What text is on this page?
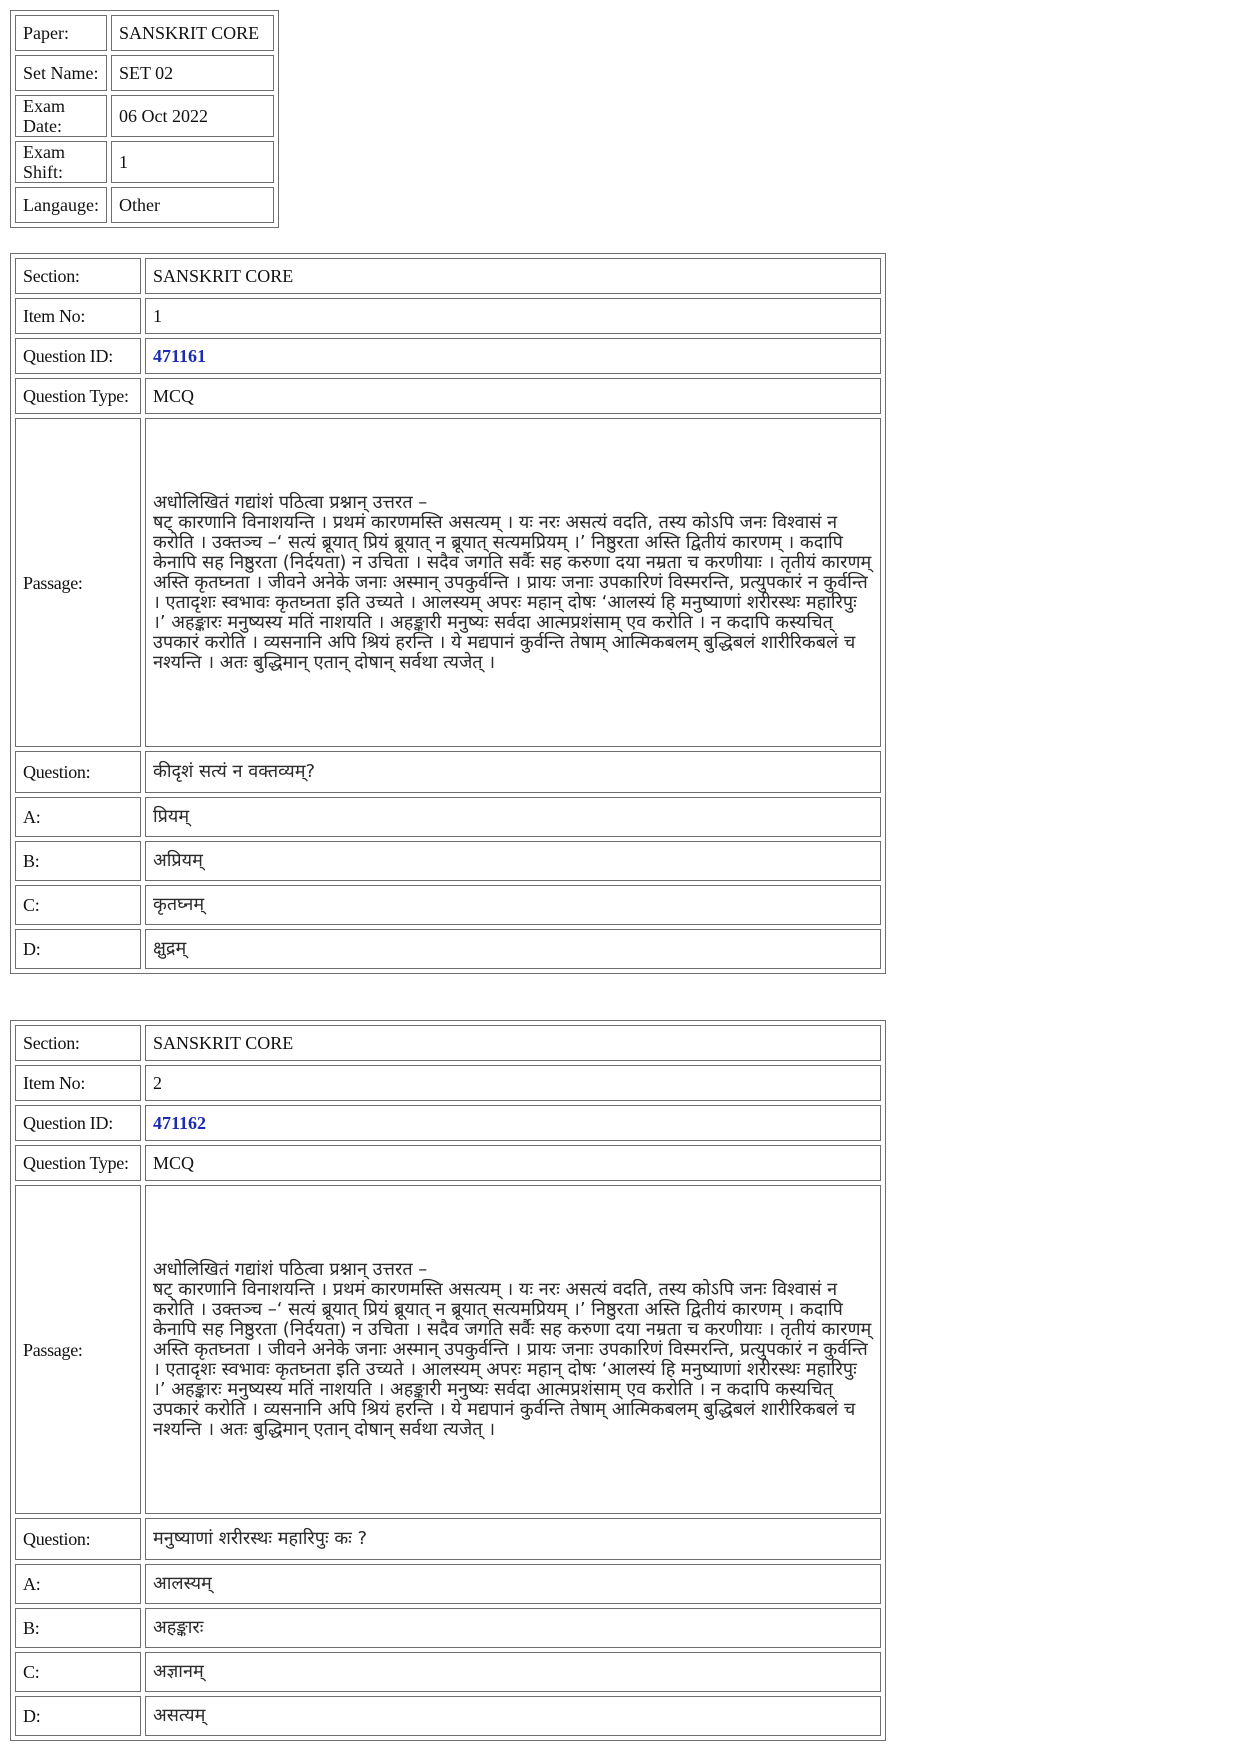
Paper:	SANSKRIT CORE
Set Name:	SET 02
Exam Date:	06 Oct 2022
Exam Shift:	1
Langauge:	Other
Section:	SANSKRIT CORE
Item No:	1
Question ID:	471161
Question Type:	MCQ
Passage:	अधोलिखितं गद्यांशं पठित्वा प्रश्नान् उत्तरत –
षट् कारणानि विनाशयन्ति । प्रथमं कारणमस्ति असत्यम् । यः नरः असत्यं वदति, तस्य कोऽपि जनः विश्वासं न करोति । उक्तञ्च –‘ सत्यं ब्रूयात् प्रियं ब्रूयात् न ब्रूयात् सत्यमप्रियम् ।’ निष्ठुरता अस्ति द्वितीयं कारणम् । कदापि केनापि सह निष्ठुरता (निर्दयता) न उचिता । सदैव जगति सर्वैः सह करुणा दया नम्रता च करणीयाः । तृतीयं कारणम् अस्ति कृतघ्नता । जीवने अनेके जनाः अस्मान् उपकुर्वन्ति । प्रायः जनाः उपकारिणं विस्मरन्ति, प्रत्युपकारं न कुर्वन्ति । एतादृशः स्वभावः कृतघ्नता इति उच्यते । आलस्यम् अपरः महान् दोषः ‘आलस्यं हि मनुष्याणां शरीरस्थः महारिपुः ।’ अहङ्कारः मनुष्यस्य मतिं नाशयति । अहङ्कारी मनुष्यः सर्वदा आत्मप्रशंसाम् एव करोति । न कदापि कस्यचित् उपकारं करोति । व्यसनानि अपि श्रियं हरन्ति । ये मद्यपानं कुर्वन्ति तेषाम् आत्मिकबलम् बुद्धिबलं शारीरिकबलं च नश्यन्ति । अतः बुद्धिमान् एतान् दोषान् सर्वथा त्यजेत् ।

Question:	कीदृशं सत्यं न वक्तव्यम्?
A:	प्रियम्
B:	अप्रियम्
C:	कृतघ्नम्
D:	क्षुद्रम्
Section:	SANSKRIT CORE
Item No:	2
Question ID:	471162
Question Type:	MCQ
Passage:	अधोलिखितं गद्यांशं पठित्वा प्रश्नान् उत्तरत –
षट् कारणानि विनाशयन्ति । प्रथमं कारणमस्ति असत्यम् । यः नरः असत्यं वदति, तस्य कोऽपि जनः विश्वासं न करोति । उक्तञ्च –‘ सत्यं ब्रूयात् प्रियं ब्रूयात् न ब्रूयात् सत्यमप्रियम् ।’ निष्ठुरता अस्ति द्वितीयं कारणम् । कदापि केनापि सह निष्ठुरता (निर्दयता) न उचिता । सदैव जगति सर्वैः सह करुणा दया नम्रता च करणीयाः । तृतीयं कारणम् अस्ति कृतघ्नता । जीवने अनेके जनाः अस्मान् उपकुर्वन्ति । प्रायः जनाः उपकारिणं विस्मरन्ति, प्रत्युपकारं न कुर्वन्ति । एतादृशः स्वभावः कृतघ्नता इति उच्यते । आलस्यम् अपरः महान् दोषः ‘आलस्यं हि मनुष्याणां शरीरस्थः महारिपुः ।’ अहङ्कारः मनुष्यस्य मतिं नाशयति । अहङ्कारी मनुष्यः सर्वदा आत्मप्रशंसाम् एव करोति । न कदापि कस्यचित् उपकारं करोति । व्यसनानि अपि श्रियं हरन्ति । ये मद्यपानं कुर्वन्ति तेषाम् आत्मिकबलम् बुद्धिबलं शारीरिकबलं च नश्यन्ति । अतः बुद्धिमान् एतान् दोषान् सर्वथा त्यजेत् ।

Question:	मनुष्याणां शरीरस्थः महारिपुः कः ?
A:	आलस्यम्
B:	अहङ्कारः
C:	अज्ञानम्
D:	असत्यम्
